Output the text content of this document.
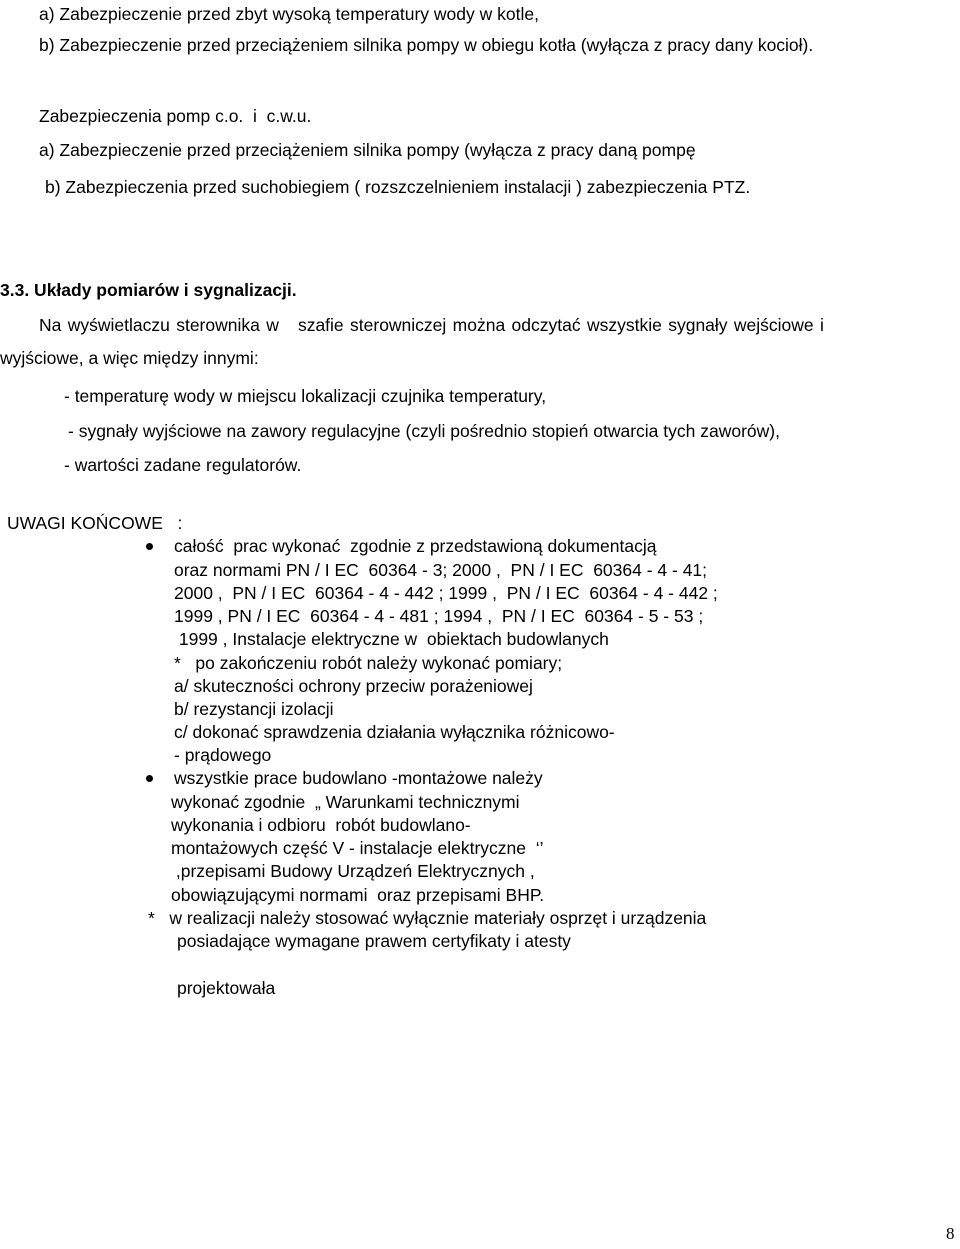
a) Zabezpieczenie przed zbyt wysoką temperatury wody w kotle,
b) Zabezpieczenie przed przeciążeniem silnika pompy w obiegu kotła (wyłącza z pracy dany kocioł).
Zabezpieczenia pomp c.o.  i  c.w.u.
a) Zabezpieczenie przed przeciążeniem silnika pompy (wyłącza z pracy daną pompę
b) Zabezpieczenia przed suchobiegiem ( rozszczelnieniem instalacji ) zabezpieczenia PTZ.
3.3. Układy pomiarów i sygnalizacji.
Na wyświetlaczu sterownika w   szafie sterowniczej można odczytać wszystkie sygnały wejściowe i
wyjściowe, a więc między innymi:
- temperaturę wody w miejscu lokalizacji czujnika temperatury,
- sygnały wyjściowe na zawory regulacyjne (czyli pośrednio stopień otwarcia tych zaworów),
- wartości zadane regulatorów.
UWAGI KOŃCOWE   :
całość  prac wykonać  zgodnie z przedstawioną dokumentacją
oraz normami PN / I EC  60364 - 3; 2000 ,  PN / I EC  60364 - 4 - 41;
2000 ,  PN / I EC  60364 - 4 - 442 ; 1999 ,  PN / I EC  60364 - 4 - 442 ;
1999 , PN / I EC  60364 - 4 - 481 ; 1994 ,  PN / I EC  60364 - 5 - 53 ;
1999 , Instalacje elektryczne w  obiektach budowlanych
*   po zakończeniu robót należy wykonać pomiary;
a/ skuteczności ochrony przeciw porażeniowej
b/ rezystancji izolacji
c/ dokonać sprawdzenia działania wyłącznika różnicowo-
- prądowego
wszystkie prace budowlano -montażowe należy
wykonać zgodnie  „ Warunkami technicznymi
wykonania i odbioru  robót budowlano-
montażowych część V - instalacje elektryczne  ‘’
,przepisami Budowy Urządzeń Elektrycznych ,
obowiązującymi normami  oraz przepisami BHP.
*   w realizacji należy stosować wyłącznie materiały osprzęt i urządzenia
posiadające wymagane prawem certyfikaty i atesty
projektowała
8
